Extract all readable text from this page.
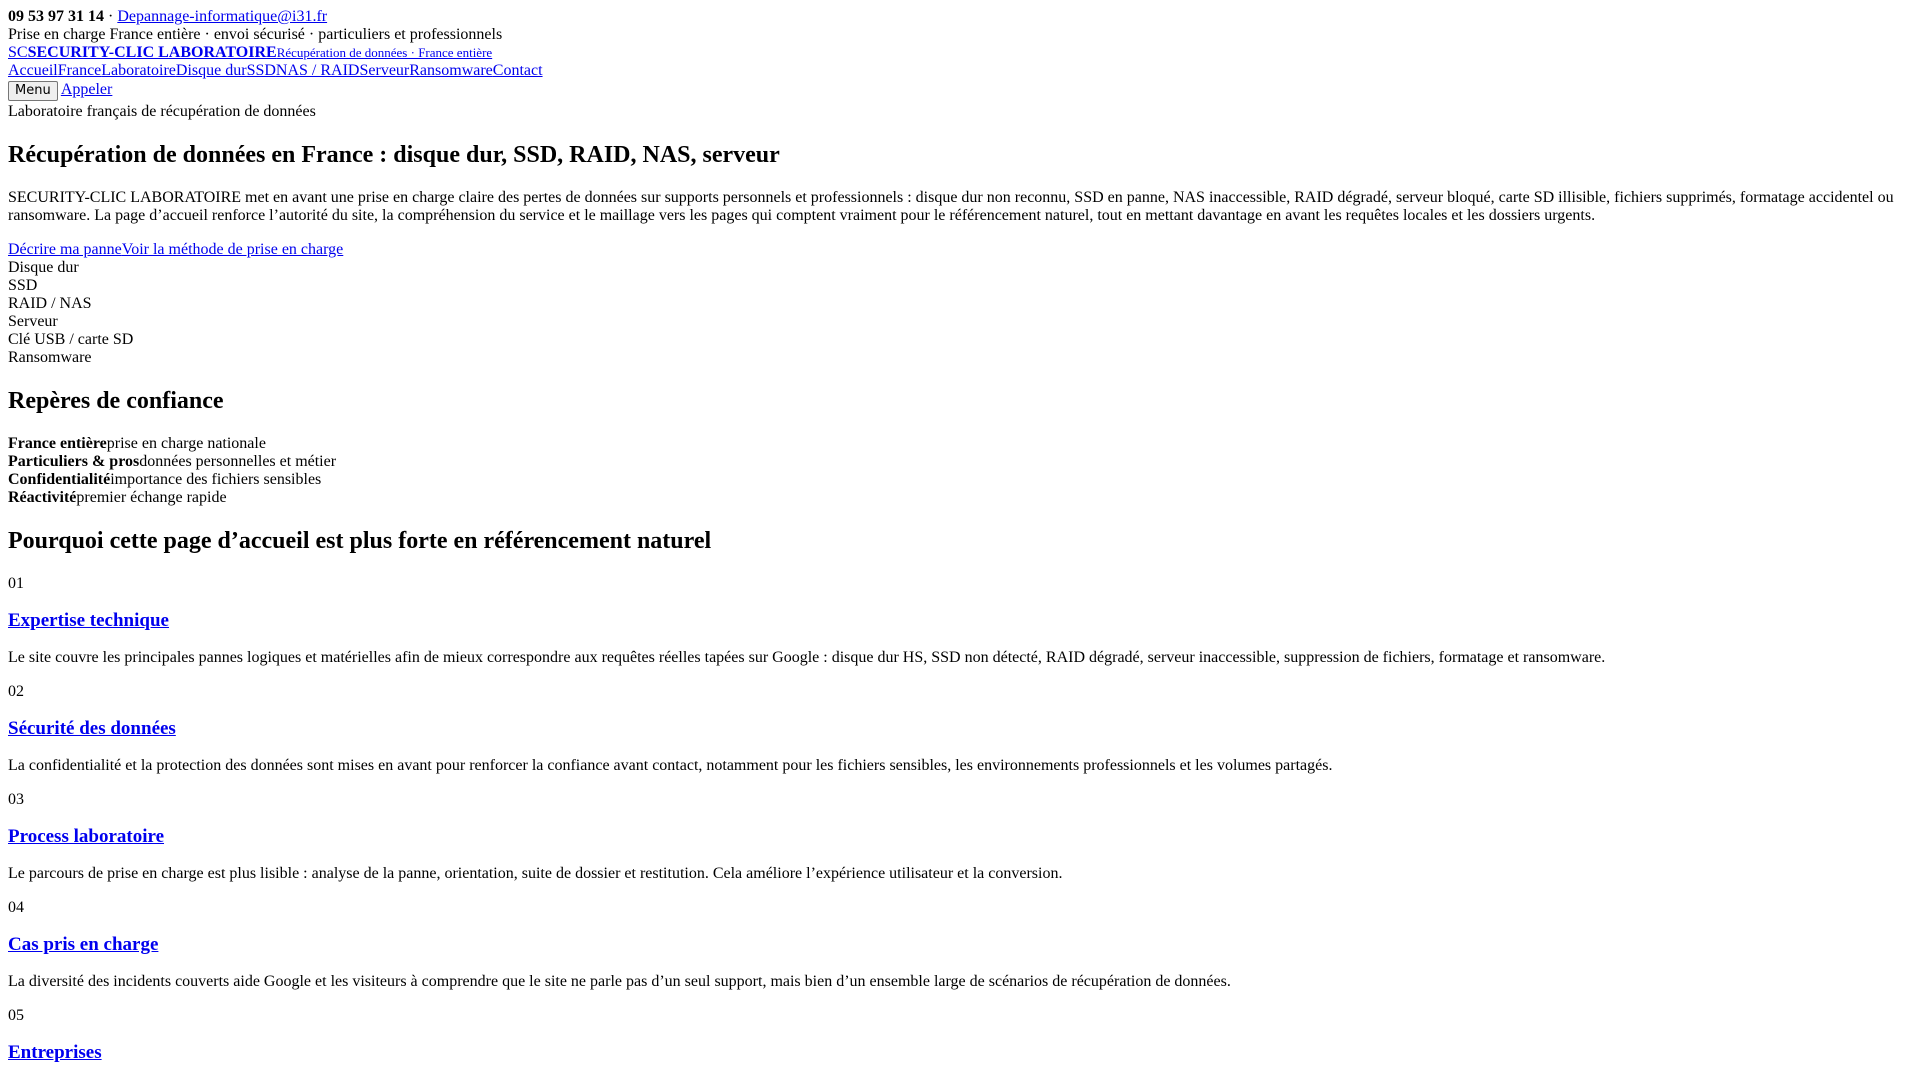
09 53 97 31 14 · Depannage-informatique@i31.fr
Prise en charge France entière · envoi sécurisé · particuliers et professionnels
SCSECURITY-CLIC LABORATOIRERécupération de données · France entière
AccueilFranceLaboratoireDisque durSSDNAS / RAIDServeurRansomwareContact
Menu Appeler
Laboratoire français de récupération de données
Récupération de données en France : disque dur, SSD, RAID, NAS, serveur

SECURITY-CLIC LABORATOIRE met en avant une prise en charge claire des pertes de données sur supports personnels et professionnels : disque dur non reconnu, SSD en panne, NAS inaccessible, RAID dégradé, serveur bloqué, carte SD illisible, fichiers supprimés, formatage accidentel ou ransomware. La page d’accueil renforce l’autorité du site, la compréhension du service et le maillage vers les pages qui comptent vraiment pour le référencement naturel, tout en mettant davantage en avant les requêtes locales et les dossiers urgents.

Décrire ma panneVoir la méthode de prise en charge
Disque dur
SSD
RAID / NAS
Serveur
Clé USB / carte SD
Ransomware
Repères de confiance
France entièreprise en charge nationale
Particuliers & prosdonnées personnelles et métier
Confidentialitéimportance des fichiers sensibles
Réactivitépremier échange rapide
Pourquoi cette page d’accueil est plus forte en référencement naturel

01

Expertise technique

Le site couvre les principales pannes logiques et matérielles afin de mieux correspondre aux requêtes réelles tapées sur Google : disque dur HS, SSD non détecté, RAID dégradé, serveur inaccessible, suppression de fichiers, formatage et ransomware.

02

Sécurité des données

La confidentialité et la protection des données sont mises en avant pour renforcer la confiance avant contact, notamment pour les fichiers sensibles, les environnements professionnels et les volumes partagés.

03

Process laboratoire

Le parcours de prise en charge est plus lisible : analyse de la panne, orientation, suite de dossier et restitution. Cela améliore l’expérience utilisateur et la conversion.

04

Cas pris en charge

La diversité des incidents couverts aide Google et les visiteurs à comprendre que le site ne parle pas d’un seul support, mais bien d’un ensemble large de scénarios de récupération de données.

05

Entreprises
